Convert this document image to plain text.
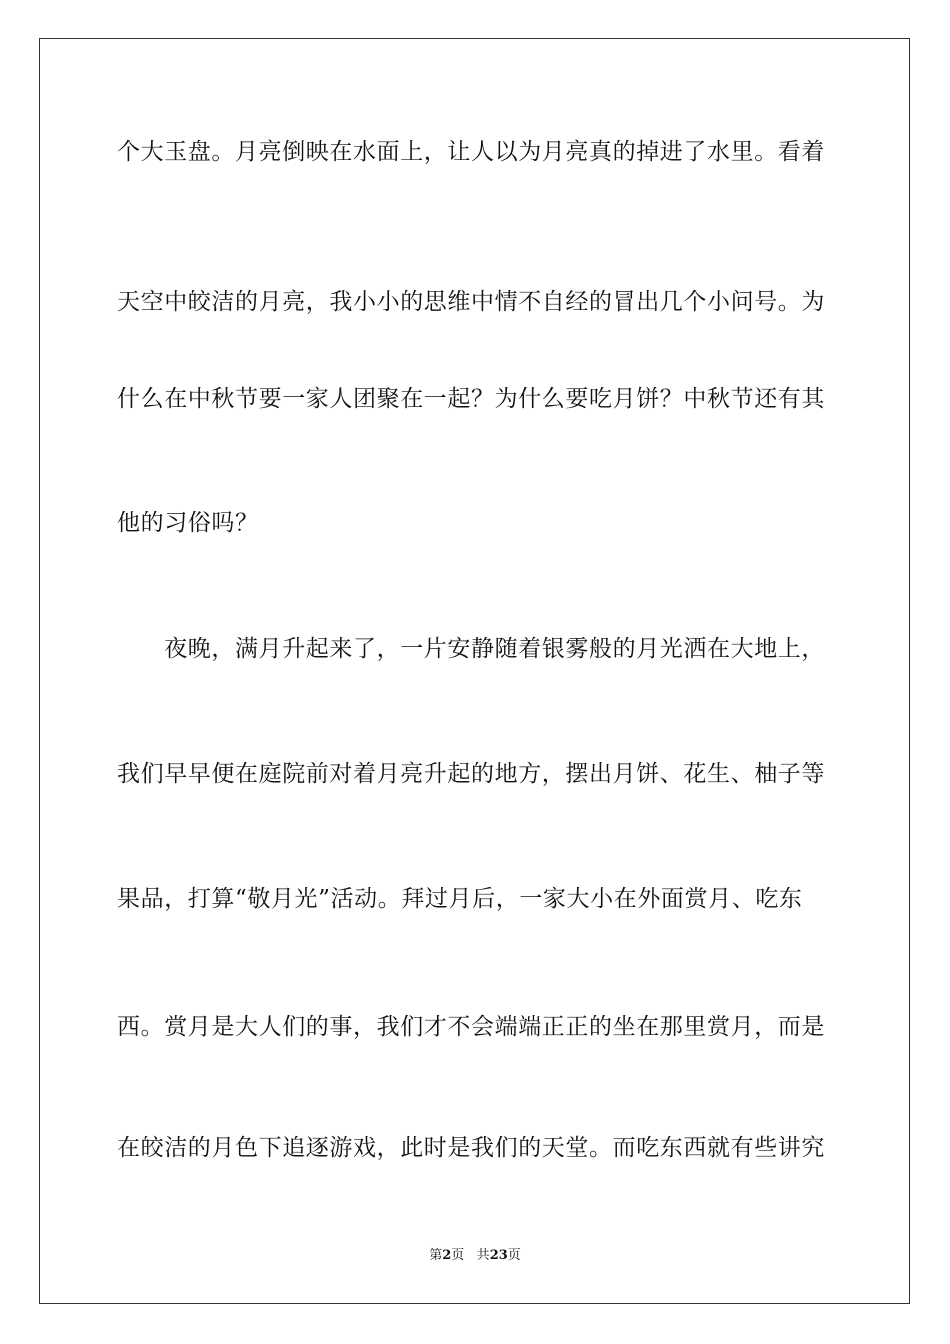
个大玉盘。月亮倒映在水面上，让人以为月亮真的掉进了水里。看着
天空中皎洁的月亮，我小小的思维中情不自经的冒出几个小问号。为
什么在中秋节要一家人团聚在一起？为什么要吃月饼？中秋节还有其
他的习俗吗？
　　夜晚，满月升起来了，一片安静随着银雾般的月光洒在大地上，
我们早早便在庭院前对着月亮升起的地方，摆出月饼、花生、柚子等
果品，打算“敬月光”活动。拜过月后，一家大小在外面赏月、吃东
西。赏月是大人们的事，我们才不会端端正正的坐在那里赏月，而是
在皎洁的月色下追逐游戏，此时是我们的天堂。而吃东西就有些讲究
第2页 共23页
